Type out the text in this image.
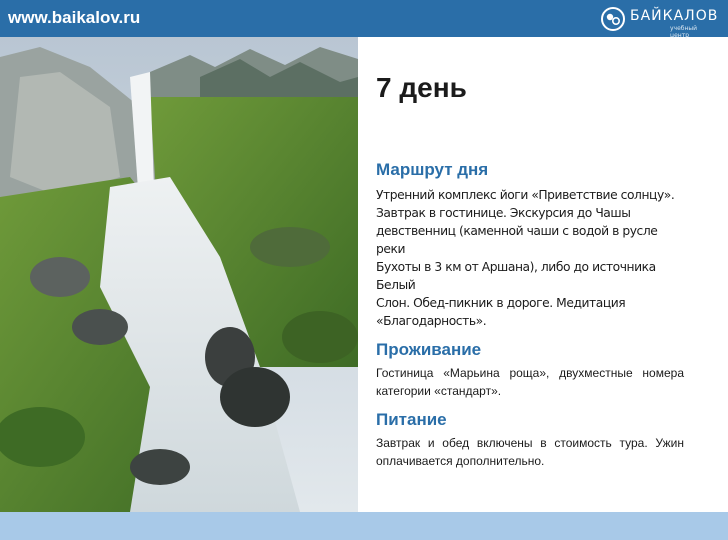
www.baikalov.ru	БАЙКАЛОВ
учебный центр
7 день
Маршрут дня
Утренний комплекс йоги «Приветствие солнцу».
Завтрак в гостинице. Экскурсия до Чашы
девственниц (каменной чаши с водой в русле реки
Бухоты в 3 км от Аршана), либо до источника Белый
Слон. Обед-пикник в дороге. Медитация
«Благодарность».
Проживание
Гостиница «Марьина роща», двухместные номера категории «стандарт».
Питание
Завтрак и обед включены в стоимость тура. Ужин оплачивается дополнительно.
